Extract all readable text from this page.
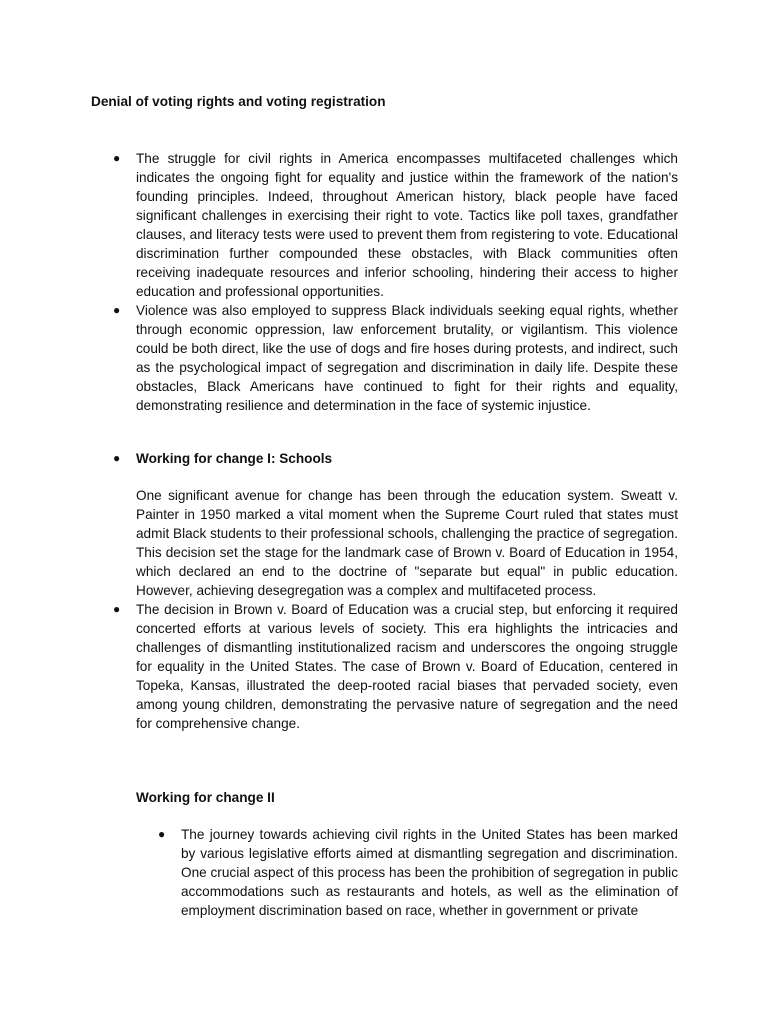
Denial of voting rights and voting registration

● The struggle for civil rights in America encompasses multifaceted challenges which indicates the ongoing fight for equality and justice within the framework of the nation's founding principles. Indeed, throughout American history, black people have faced significant challenges in exercising their right to vote. Tactics like poll taxes, grandfather clauses, and literacy tests were used to prevent them from registering to vote. Educational discrimination further compounded these obstacles, with Black communities often receiving inadequate resources and inferior schooling, hindering their access to higher education and professional opportunities.

● Violence was also employed to suppress Black individuals seeking equal rights, whether through economic oppression, law enforcement brutality, or vigilantism. This violence could be both direct, like the use of dogs and fire hoses during protests, and indirect, such as the psychological impact of segregation and discrimination in daily life. Despite these obstacles, Black Americans have continued to fight for their rights and equality, demonstrating resilience and determination in the face of systemic injustice.

● Working for change I: Schools

One significant avenue for change has been through the education system. Sweatt v. Painter in 1950 marked a vital moment when the Supreme Court ruled that states must admit Black students to their professional schools, challenging the practice of segregation. This decision set the stage for the landmark case of Brown v. Board of Education in 1954, which declared an end to the doctrine of "separate but equal" in public education. However, achieving desegregation was a complex and multifaceted process.

● The decision in Brown v. Board of Education was a crucial step, but enforcing it required concerted efforts at various levels of society. This era highlights the intricacies and challenges of dismantling institutionalized racism and underscores the ongoing struggle for equality in the United States. The case of Brown v. Board of Education, centered in Topeka, Kansas, illustrated the deep-rooted racial biases that pervaded society, even among young children, demonstrating the pervasive nature of segregation and the need for comprehensive change.

Working for change II

● The journey towards achieving civil rights in the United States has been marked by various legislative efforts aimed at dismantling segregation and discrimination. One crucial aspect of this process has been the prohibition of segregation in public accommodations such as restaurants and hotels, as well as the elimination of employment discrimination based on race, whether in government or private
